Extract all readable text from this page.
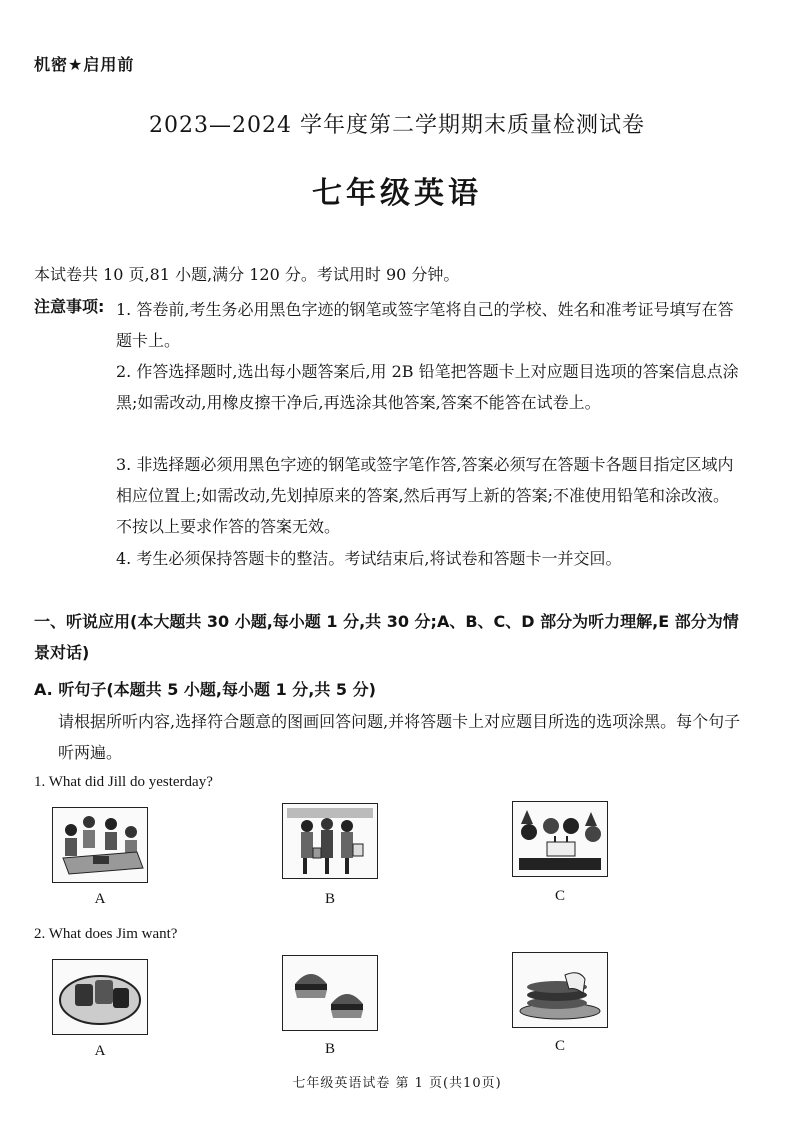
机密★启用前
2023—2024 学年度第二学期期末质量检测试卷
七年级英语
本试卷共 10 页,81 小题,满分 120 分。考试用时 90 分钟。
注意事项: 1. 答卷前,考生务必用黑色字迹的钢笔或签字笔将自己的学校、姓名和准考证号填写在答题卡上。
2. 作答选择题时,选出每小题答案后,用 2B 铅笔把答题卡上对应题目选项的答案信息点涂黑;如需改动,用橡皮擦干净后,再选涂其他答案,答案不能答在试卷上。
3. 非选择题必须用黑色字迹的钢笔或签字笔作答,答案必须写在答题卡各题目指定区域内相应位置上;如需改动,先划掉原来的答案,然后再写上新的答案;不准使用铅笔和涂改液。不按以上要求作答的答案无效。
4. 考生必须保持答题卡的整洁。考试结束后,将试卷和答题卡一并交回。
一、听说应用(本大题共 30 小题,每小题 1 分,共 30 分;A、B、C、D 部分为听力理解,E 部分为情景对话)
A. 听句子(本题共 5 小题,每小题 1 分,共 5 分)
请根据所听内容,选择符合题意的图画回答问题,并将答题卡上对应题目所选的选项涂黑。每个句子听两遍。
1. What did Jill do yesterday?
A	B	C
2. What does Jim want?
A	B	C
七年级英语试卷 第 1 页(共10页)
